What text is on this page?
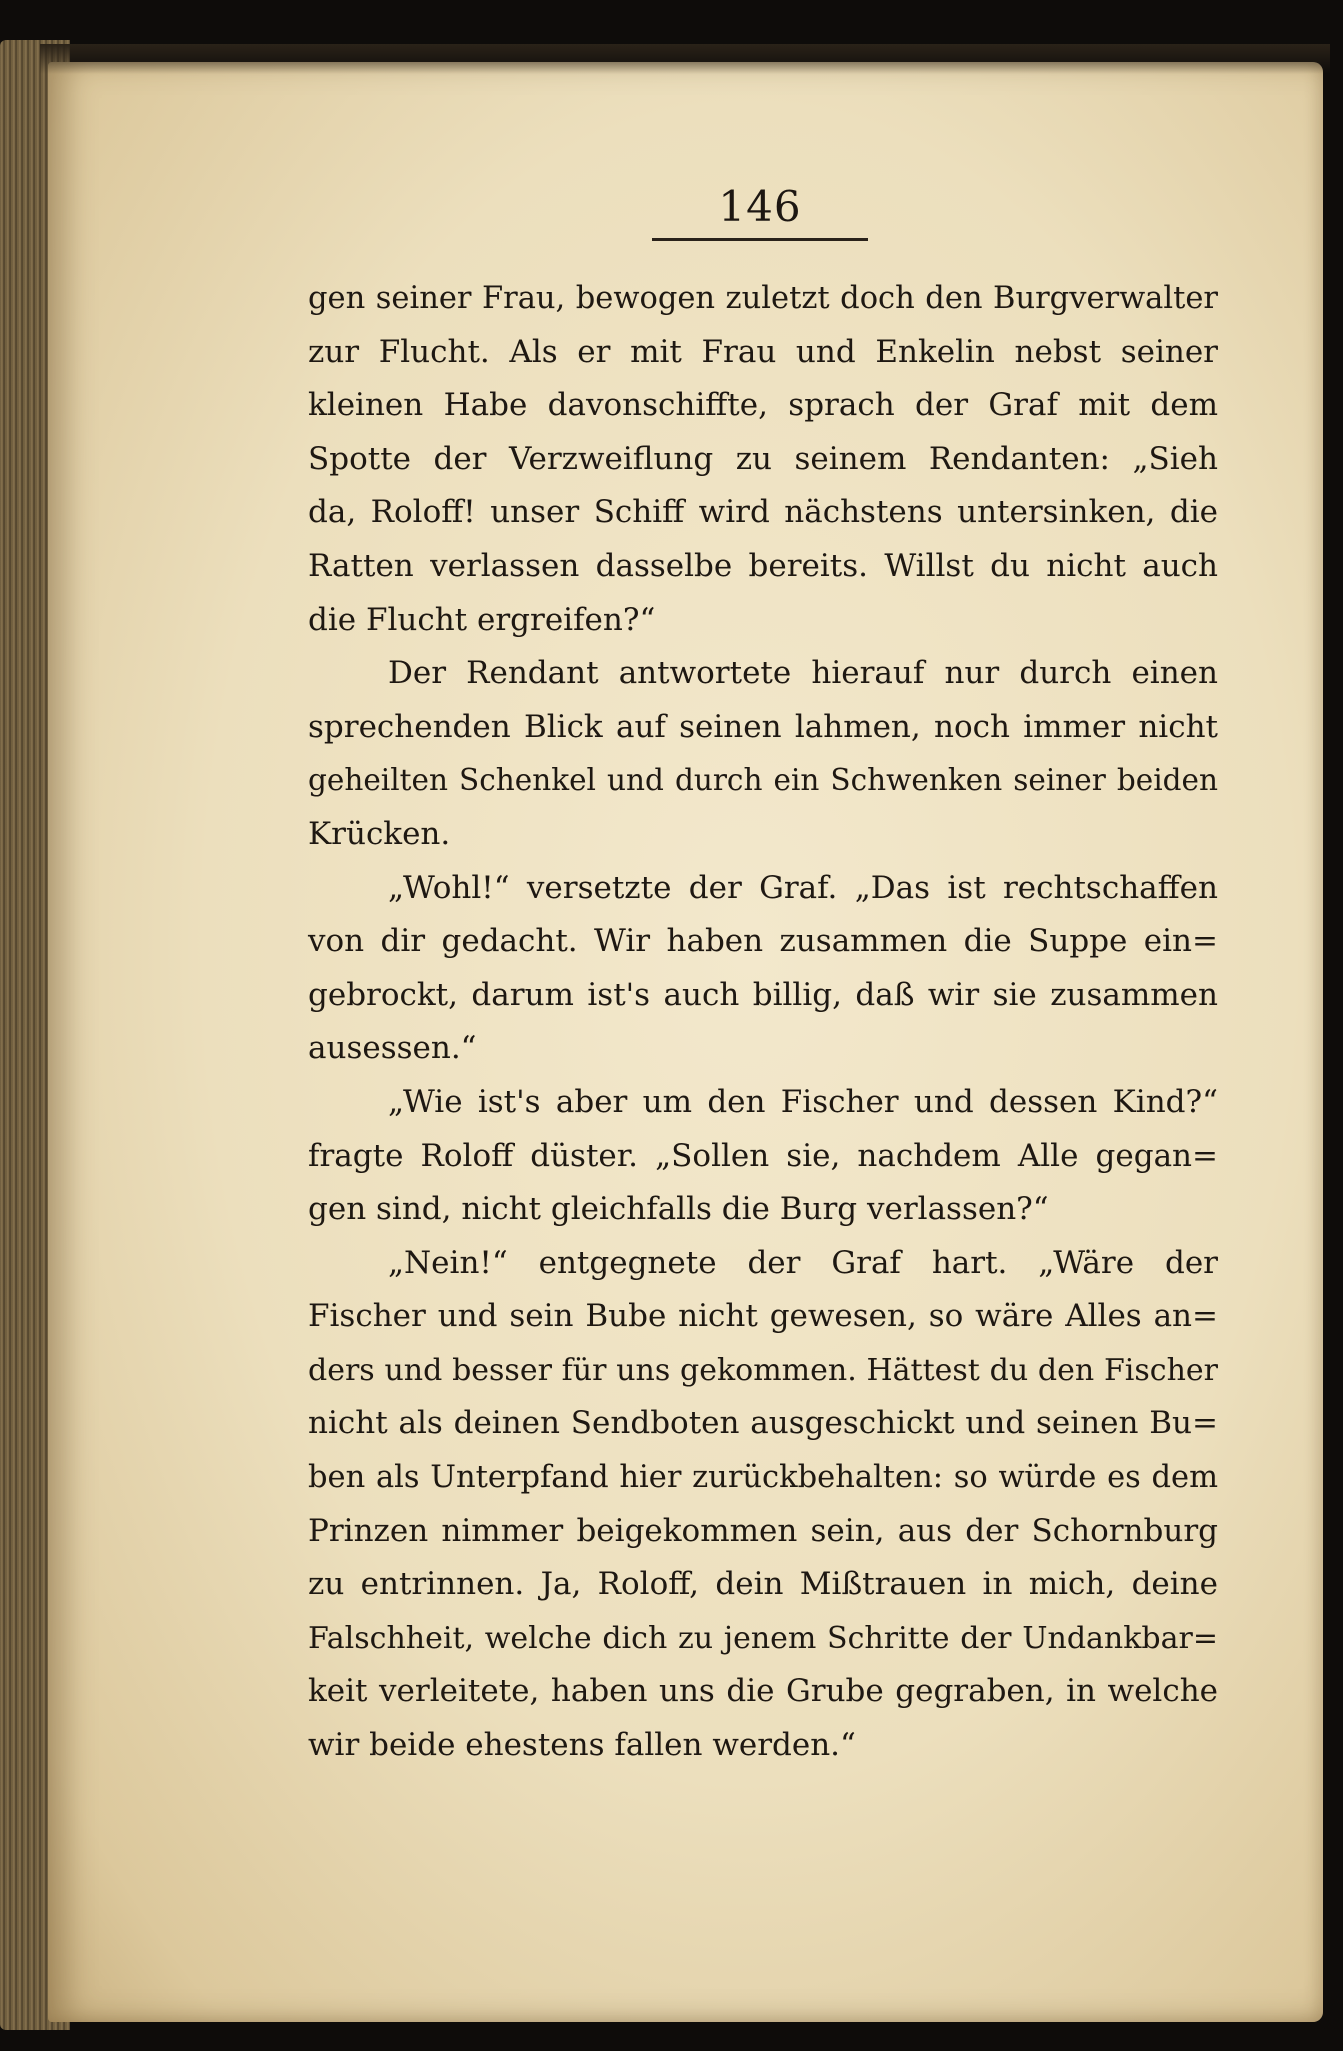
146
gen seiner Frau, bewogen zuletzt doch den Burgverwalter
zur Flucht. Als er mit Frau und Enkelin nebst seiner
kleinen Habe davonschiffte, sprach der Graf mit dem
Spotte der Verzweiflung zu seinem Rendanten: „Sieh
da, Roloff! unser Schiff wird nächstens untersinken, die
Ratten verlassen dasselbe bereits. Willst du nicht auch
die Flucht ergreifen?“
Der Rendant antwortete hierauf nur durch einen
sprechenden Blick auf seinen lahmen, noch immer nicht
geheilten Schenkel und durch ein Schwenken seiner beiden
Krücken.
„Wohl!“ versetzte der Graf. „Das ist rechtschaffen
von dir gedacht. Wir haben zusammen die Suppe ein=
gebrockt, darum ist's auch billig, daß wir sie zusammen
ausessen.“
„Wie ist's aber um den Fischer und dessen Kind?“
fragte Roloff düster. „Sollen sie, nachdem Alle gegan=
gen sind, nicht gleichfalls die Burg verlassen?“
„Nein!“ entgegnete der Graf hart. „Wäre der
Fischer und sein Bube nicht gewesen, so wäre Alles an=
ders und besser für uns gekommen. Hättest du den Fischer
nicht als deinen Sendboten ausgeschickt und seinen Bu=
ben als Unterpfand hier zurückbehalten: so würde es dem
Prinzen nimmer beigekommen sein, aus der Schornburg
zu entrinnen. Ja, Roloff, dein Mißtrauen in mich, deine
Falschheit, welche dich zu jenem Schritte der Undankbar=
keit verleitete, haben uns die Grube gegraben, in welche
wir beide ehestens fallen werden.“
